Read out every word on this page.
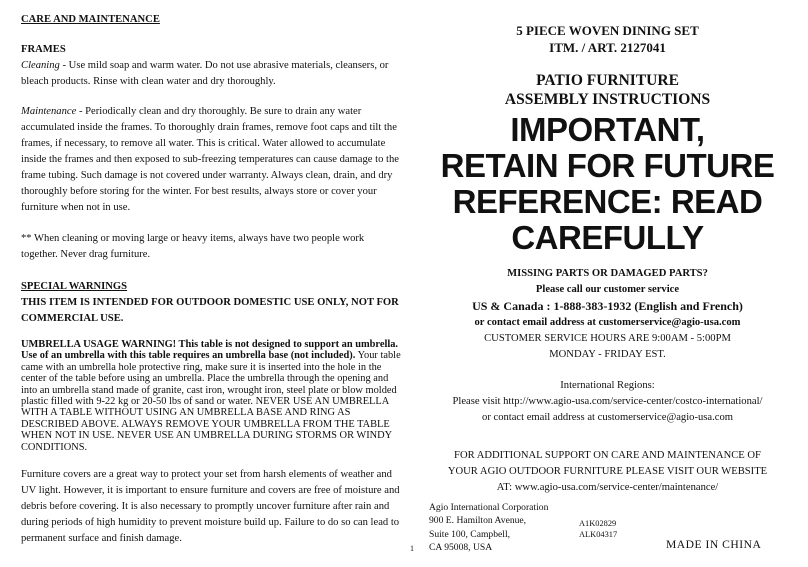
CARE AND MAINTENANCE

FRAMES

Cleaning - Use mild soap and warm water. Do not use abrasive materials, cleansers, or bleach products. Rinse with clean water and dry thoroughly.

Maintenance - Periodically clean and dry thoroughly. Be sure to drain any water accumulated inside the frames. To thoroughly drain frames, remove foot caps and tilt the frames, if necessary, to remove all water. This is critical. Water allowed to accumulate inside the frames and then exposed to sub-freezing temperatures can cause damage to the frame tubing. Such damage is not covered under warranty. Always clean, drain, and dry thoroughly before storing for the winter. For best results, always store or cover your furniture when not in use.

** When cleaning or moving large or heavy items, always have two people work together. Never drag furniture.

SPECIAL WARNINGS

THIS ITEM IS INTENDED FOR OUTDOOR DOMESTIC USE ONLY, NOT FOR COMMERCIAL USE.

UMBRELLA USAGE WARNING! This table is not designed to support an umbrella. Use of an umbrella with this table requires an umbrella base (not included). Your table came with an umbrella hole protective ring, make sure it is inserted into the hole in the center of the table before using an umbrella. Place the umbrella through the opening and into an umbrella stand made of granite, cast iron, wrought iron, steel plate or blow molded plastic filled with 9-22 kg or 20-50 lbs of sand or water. NEVER USE AN UMBRELLA WITH A TABLE WITHOUT USING AN UMBRELLA BASE AND RING AS DESCRIBED ABOVE. ALWAYS REMOVE YOUR UMBRELLA FROM THE TABLE WHEN NOT IN USE. NEVER USE AN UMBRELLA DURING STORMS OR WINDY CONDITIONS.

Furniture covers are a great way to protect your set from harsh elements of weather and UV light. However, it is important to ensure furniture and covers are free of moisture and debris before covering. It is also necessary to promptly uncover furniture after rain and during periods of high humidity to prevent moisture build up. Failure to do so can lead to permanent surface and finish damage.

5 PIECE WOVEN DINING SET

ITM. / ART. 2127041

PATIO FURNITURE

ASSEMBLY INSTRUCTIONS

IMPORTANT,

RETAIN FOR FUTURE

REFERENCE: READ

CAREFULLY

MISSING PARTS OR DAMAGED PARTS?

Please call our customer service

US & Canada : 1-888-383-1932 (English and French)

or contact email address at customerservice@agio-usa.com

CUSTOMER SERVICE HOURS ARE 9:00AM - 5:00PM

MONDAY - FRIDAY EST.

International Regions:

Please visit http://www.agio-usa.com/service-center/costco-international/

or contact email address at customerservice@agio-usa.com

FOR ADDITIONAL SUPPORT ON CARE AND MAINTENANCE OF

YOUR AGIO OUTDOOR FURNITURE PLEASE VISIT OUR WEBSITE

AT: www.agio-usa.com/service-center/maintenance/

Agio International Corporation
900 E. Hamilton Avenue,
Suite 100, Campbell,
CA 95008, USA
A1K02829
ALK04317
1	MADE IN CHINA
